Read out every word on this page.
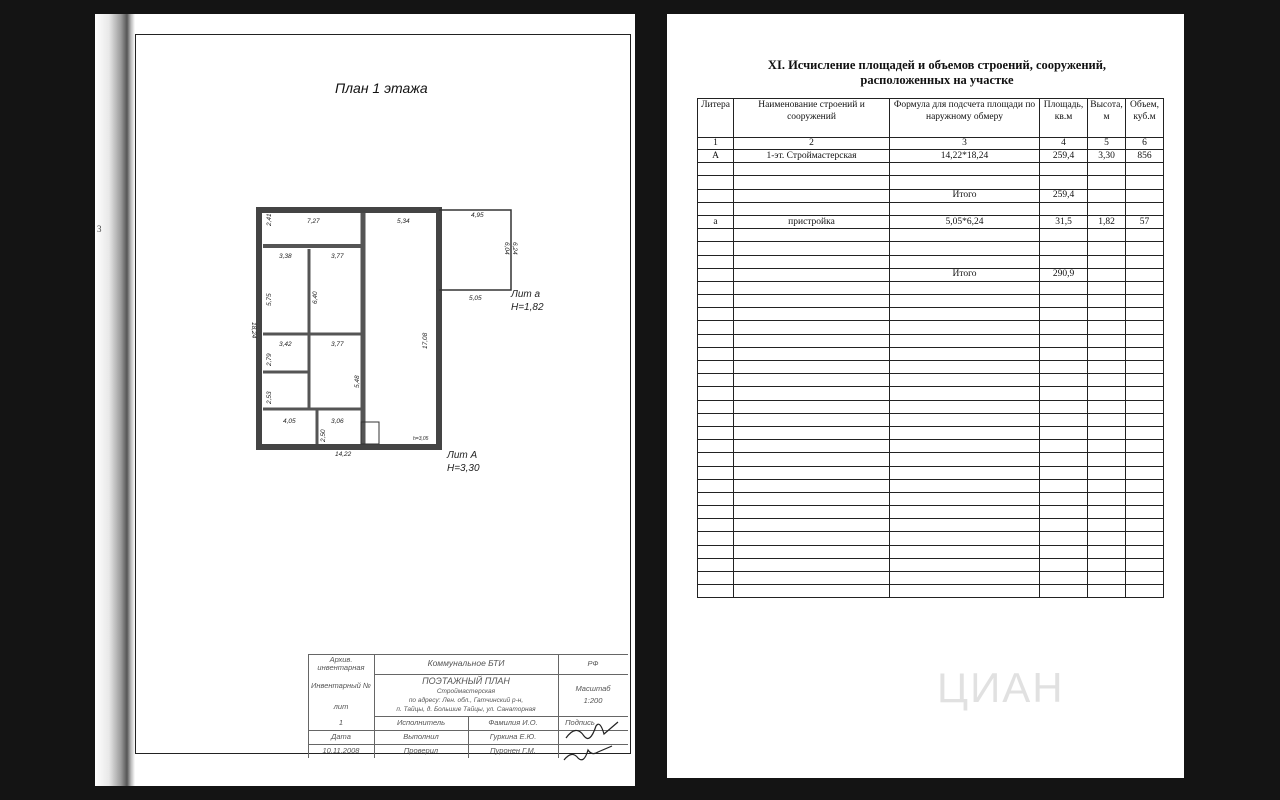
3
План 1 этажа
7,27	5,34
4,95
6,04 6,24
5,05
18,24
14,22
2,41
3,38	3,77
5,75	6,40
3,42	3,77
2,79
2,53
5,48
17,08
4,05	3,06
2,50	h=3,05
Лит а
H=1,82
Лит А
H=3,30
Архив. инвентарная
Инвентарный №
лит
1
Дата
10.11.2008
Коммунальное БТИ	РФ
ПОЭТАЖНЫЙ ПЛАН
Строймастерская
по адресу: Лен. обл., Гатчинский р-н,
п. Тайцы, д. Большие Тайцы, ул. Санаторная
Масштаб
1:200
Исполнитель	Фамилия И.О.	Подпись
Выполнил	Гуркина Е.Ю.
Проверил	Пуронен Г.М.
XI. Исчисление площадей и объемов строений, сооружений,
расположенных на участке
Литера	Наименование строений и сооружений	Формула для подсчета площади по наружному обмеру	Площадь, кв.м	Высота, м	Объем, куб.м
1	2	3	4	5	6
А	1-эт. Строймастерская	14,22*18,24	259,4	3,30	856

		Итого	259,4		

а	пристройка	5,05*6,24	31,5	1,82	57

		Итого	290,9		

ЦИАН
